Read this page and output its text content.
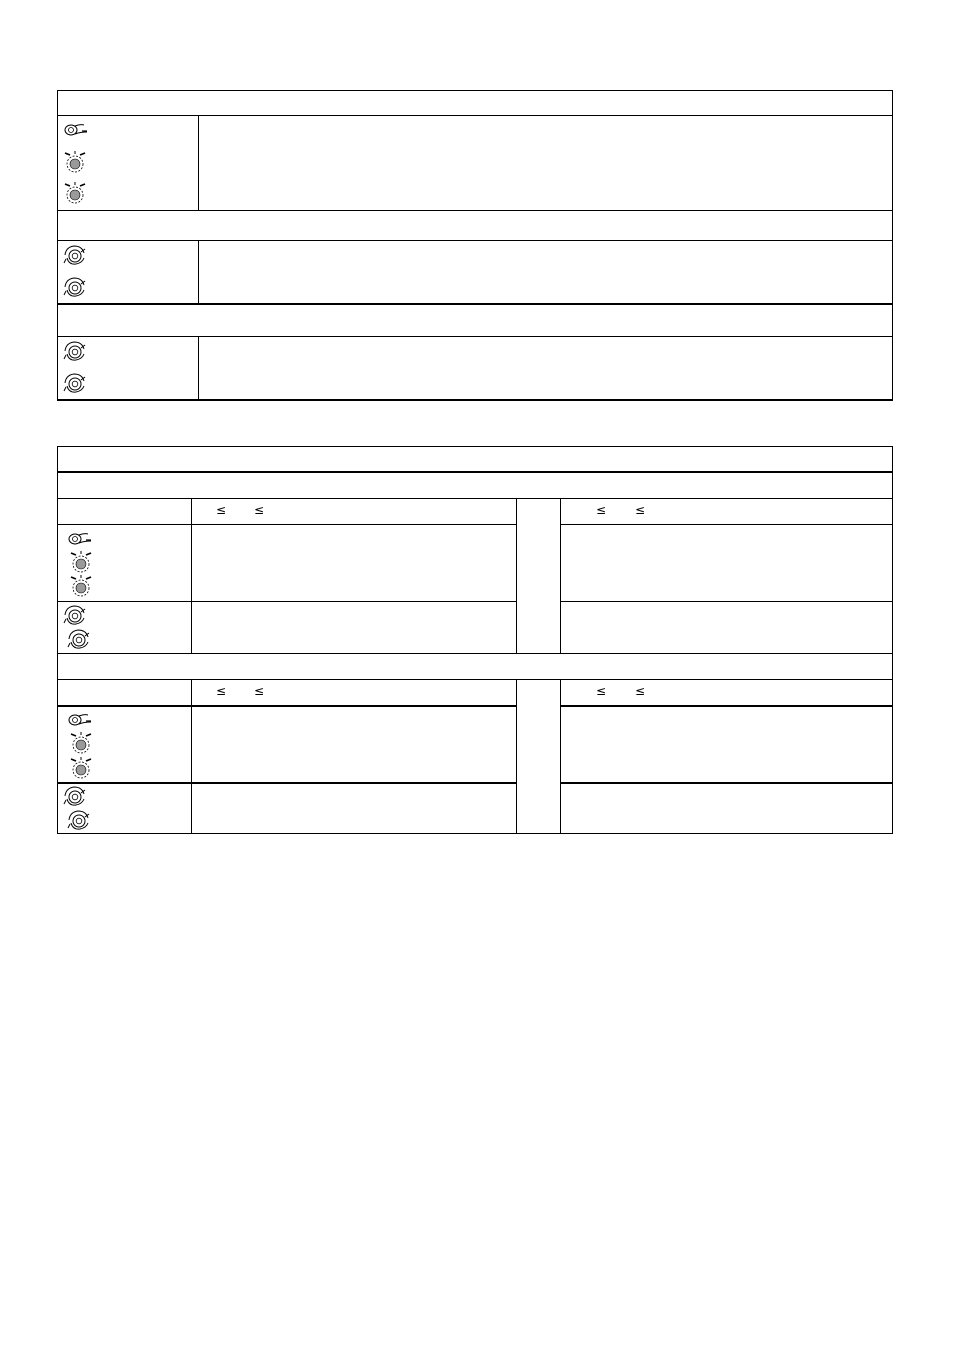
≤ ≤	≤ ≤
≤ ≤	≤ ≤
